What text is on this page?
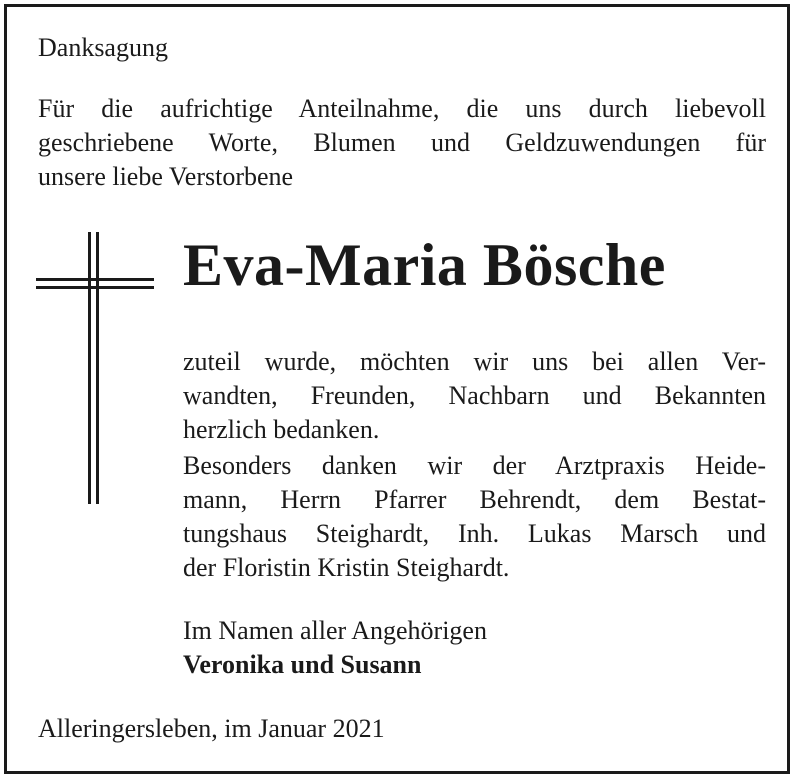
Danksagung
Für die aufrichtige Anteilnahme, die uns durch liebevoll
geschriebene Worte, Blumen und Geldzuwendungen für
unsere liebe Verstorbene
Eva-Maria Bösche
zuteil wurde, möchten wir uns bei allen Ver-
wandten, Freunden, Nachbarn und Bekannten
herzlich bedanken.
Besonders danken wir der Arztpraxis Heide-
mann, Herrn Pfarrer Behrendt, dem Bestat-
tungshaus Steighardt, Inh. Lukas Marsch und
der Floristin Kristin Steighardt.
Im Namen aller Angehörigen
Veronika und Susann
Alleringersleben, im Januar 2021
